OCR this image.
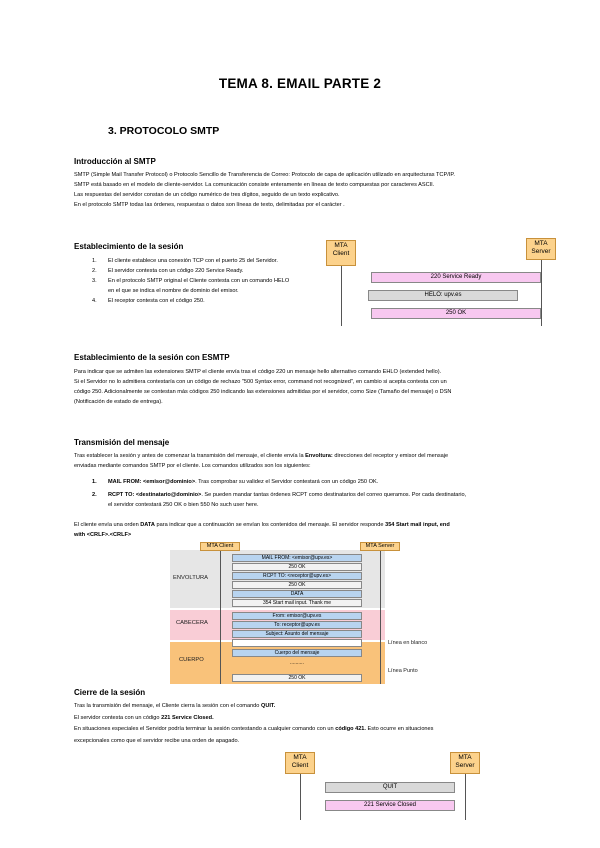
TEMA 8. EMAIL PARTE 2
3. PROTOCOLO SMTP
Introducción al SMTP
SMTP (Simple Mail Transfer Protocol) o Protocolo Sencillo de Transferencia de Correo: Protocolo de capa de aplicación utilizado en arquitecturas TCP/IP.
SMTP está basado en el modelo de cliente-servidor. La comunicación consiste enteramente en líneas de texto compuestas por caracteres ASCII.
Las respuestas del servidor constan de un código numérico de tres dígitos, seguido de un texto explicativo.
En el protocolo SMTP todas las órdenes, respuestas o datos son líneas de texto, delimitadas por el carácter .
Establecimiento de la sesión
1. El cliente establece una conexión TCP con el puerto 25 del Servidor.
2. El servidor contesta con un código 220 Service Ready.
3. En el protocolo SMTP original el Cliente contesta con un comando HELO
en el que se indica el nombre de dominio del emisor.
4. El receptor contesta con el código 250.
MTA Client
MTA Server
220 Service Ready
HELO: upv.es
250 OK
Establecimiento de la sesión con ESMTP
Para indicar que se admiten las extensiones SMTP el cliente envía tras el código 220 un mensaje hello alternativo comando EHLO (extended hello).
Si el Servidor no lo admitiera contestaría con un código de rechazo "500 Syntax error, command not recognized", en cambio si acepta contesta con un
código 250. Adicionalmente se contestan más códigos 250 indicando las extensiones admitidas por el servidor, como Size (Tamaño del mensaje) o DSN
(Notificación de estado de entrega).
Transmisión del mensaje
Tras establecer la sesión y antes de comenzar la transmisión del mensaje, el cliente envía la Envoltura: direcciones del receptor y emisor del mensaje
enviadas mediante comandos SMTP por el cliente. Los comandos utilizados son los siguientes:
1. MAIL FROM: <emisor@dominio>. Tras comprobar su validez el Servidor contestará con un código 250 OK.
2. RCPT TO: <destinatario@dominio>. Se pueden mandar tantas órdenes RCPT como destinatarios del correo queramos. Por cada destinatario,
el servidor contestará 250 OK o bien 550 No such user here.
El cliente envía una orden DATA para indicar que a continuación se envían los contenidos del mensaje. El servidor responde 354 Start mail input, end
with <CRLF>.<CRLF>
MTA Client	MTA Server
ENVOLTURA
CABECERA
CUERPO
MAIL FROM: <emisor@upv.es>
250 OK
RCPT TO: <receptor@upv.es>
250 OK
DATA
354 Start mail input. Thank me
From: emisor@upv.es
To: receptor@upv.es
Subject: Asunto del mensaje
Línea en blanco
Cuerpo del mensaje
..........
250 OK
Línea en blanco
Línea Punto
Cierre de la sesión
Tras la transmisión del mensaje, el Cliente cierra la sesión con el comando QUIT.
El servidor contesta con un código 221 Service Closed.
En situaciones especiales el Servidor podría terminar la sesión contestando a cualquier comando con un código 421. Esto ocurre en situaciones
excepcionales como que el servidor recibe una orden de apagado.
MTA Client
MTA Server
QUIT
221 Service Closed
